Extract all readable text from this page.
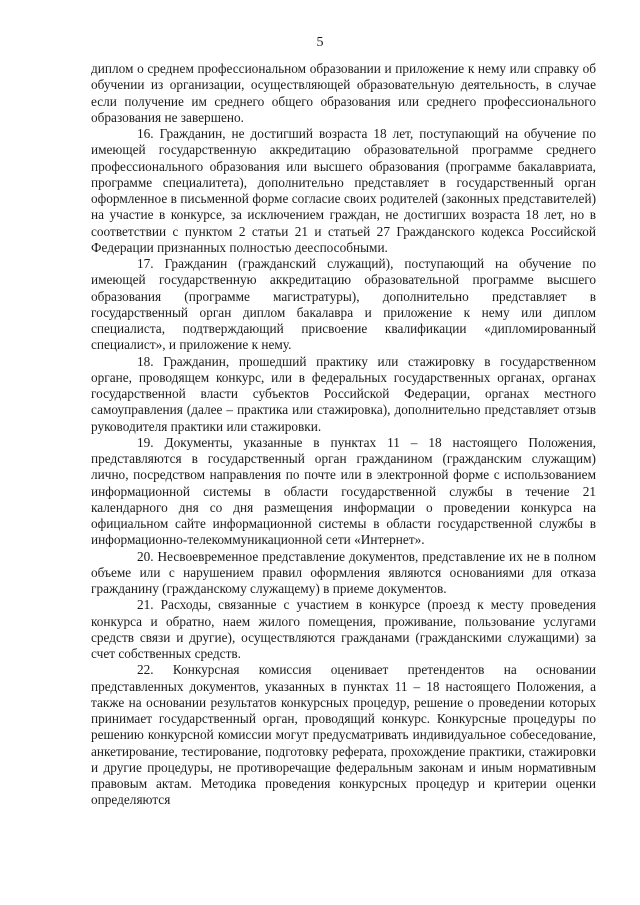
5

диплом о среднем профессиональном образовании и приложение к нему или справку об обучении из организации, осуществляющей образовательную деятельность, в случае если получение им среднего общего образования или среднего профессионального образования не завершено.

16. Гражданин, не достигший возраста 18 лет, поступающий на обучение по имеющей государственную аккредитацию образовательной программе среднего профессионального образования или высшего образования (программе бакалавриата, программе специалитета), дополнительно представляет в государственный орган оформленное в письменной форме согласие своих родителей (законных представителей) на участие в конкурсе, за исключением граждан, не достигших возраста 18 лет, но в соответствии с пунктом 2 статьи 21 и статьей 27 Гражданского кодекса Российской Федерации признанных полностью дееспособными.

17. Гражданин (гражданский служащий), поступающий на обучение по имеющей государственную аккредитацию образовательной программе высшего образования (программе магистратуры), дополнительно представляет в государственный орган диплом бакалавра и приложение к нему или диплом специалиста, подтверждающий присвоение квалификации «дипломированный специалист», и приложение к нему.

18. Гражданин, прошедший практику или стажировку в государственном органе, проводящем конкурс, или в федеральных государственных органах, органах государственной власти субъектов Российской Федерации, органах местного самоуправления (далее – практика или стажировка), дополнительно представляет отзыв руководителя практики или стажировки.

19. Документы, указанные в пунктах 11 – 18 настоящего Положения, представляются в государственный орган гражданином (гражданским служащим) лично, посредством направления по почте или в электронной форме с использованием информационной системы в области государственной службы в течение 21 календарного дня со дня размещения информации о проведении конкурса на официальном сайте информационной системы в области государственной службы в информационно-телекоммуникационной сети «Интернет».

20. Несвоевременное представление документов, представление их не в полном объеме или с нарушением правил оформления являются основаниями для отказа гражданину (гражданскому служащему) в приеме документов.

21. Расходы, связанные с участием в конкурсе (проезд к месту проведения конкурса и обратно, наем жилого помещения, проживание, пользование услугами средств связи и другие), осуществляются гражданами (гражданскими служащими) за счет собственных средств.

22. Конкурсная комиссия оценивает претендентов на основании представленных документов, указанных в пунктах 11 – 18 настоящего Положения, а также на основании результатов конкурсных процедур, решение о проведении которых принимает государственный орган, проводящий конкурс. Конкурсные процедуры по решению конкурсной комиссии могут предусматривать индивидуальное собеседование, анкетирование, тестирование, подготовку реферата, прохождение практики, стажировки и другие процедуры, не противоречащие федеральным законам и иным нормативным правовым актам. Методика проведения конкурсных процедур и критерии оценки определяются
